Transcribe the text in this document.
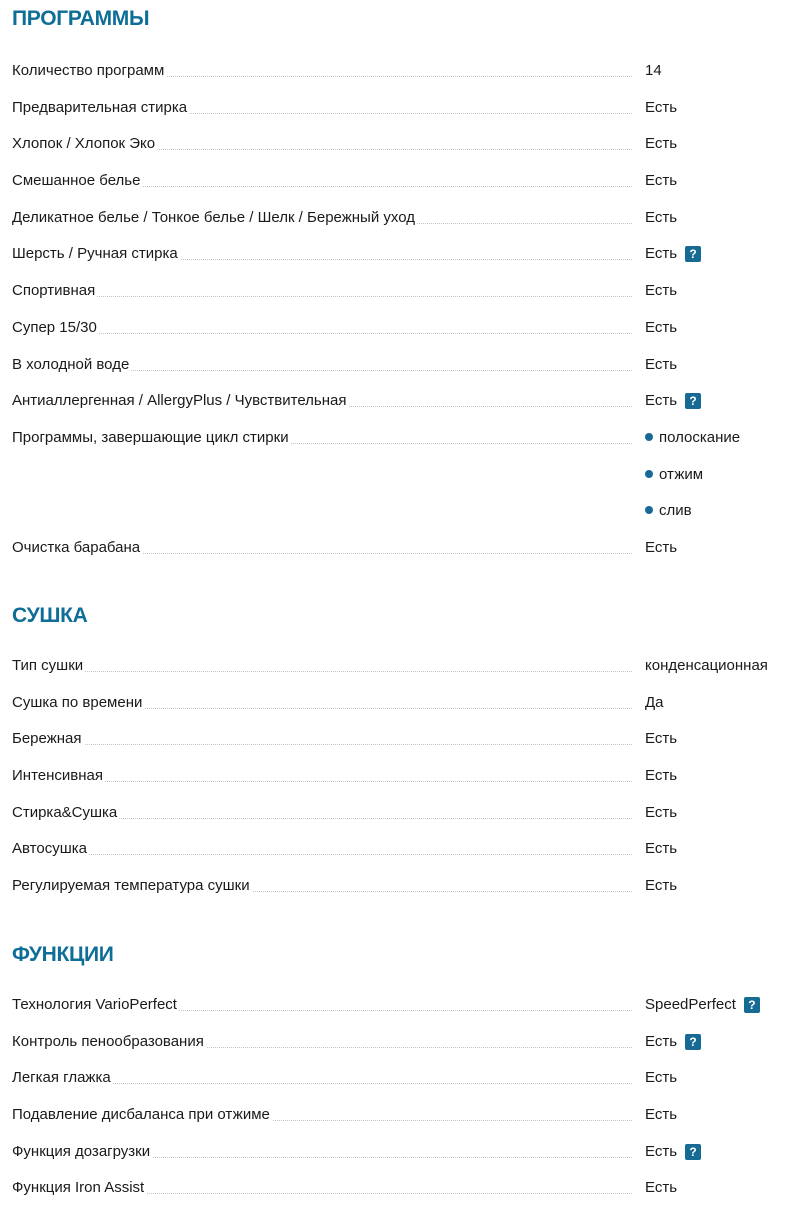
ПРОГРАММЫ
Количество программ	14
Предварительная стирка	Есть
Хлопок / Хлопок Эко	Есть
Смешанное белье	Есть
Деликатное белье / Тонкое белье / Шелк / Бережный уход	Есть
Шерсть / Ручная стирка	Есть	?
Спортивная	Есть
Супер 15/30	Есть
В холодной воде	Есть
Антиаллергенная / AllergyPlus / Чувствительная	Есть	?
Программы, завершающие цикл стирки	полоскание
отжим
слив
Очистка барабана	Есть
СУШКА
Тип сушки	конденсационная
Сушка по времени	Да
Бережная	Есть
Интенсивная	Есть
Стирка&Сушка	Есть
Автосушка	Есть
Регулируемая температура сушки	Есть
ФУНКЦИИ
Технология VarioPerfect	SpeedPerfect	?
Контроль пенообразования	Есть	?
Легкая глажка	Есть
Подавление дисбаланса при отжиме	Есть
Функция дозагрузки	Есть	?
Функция Iron Assist	Есть
